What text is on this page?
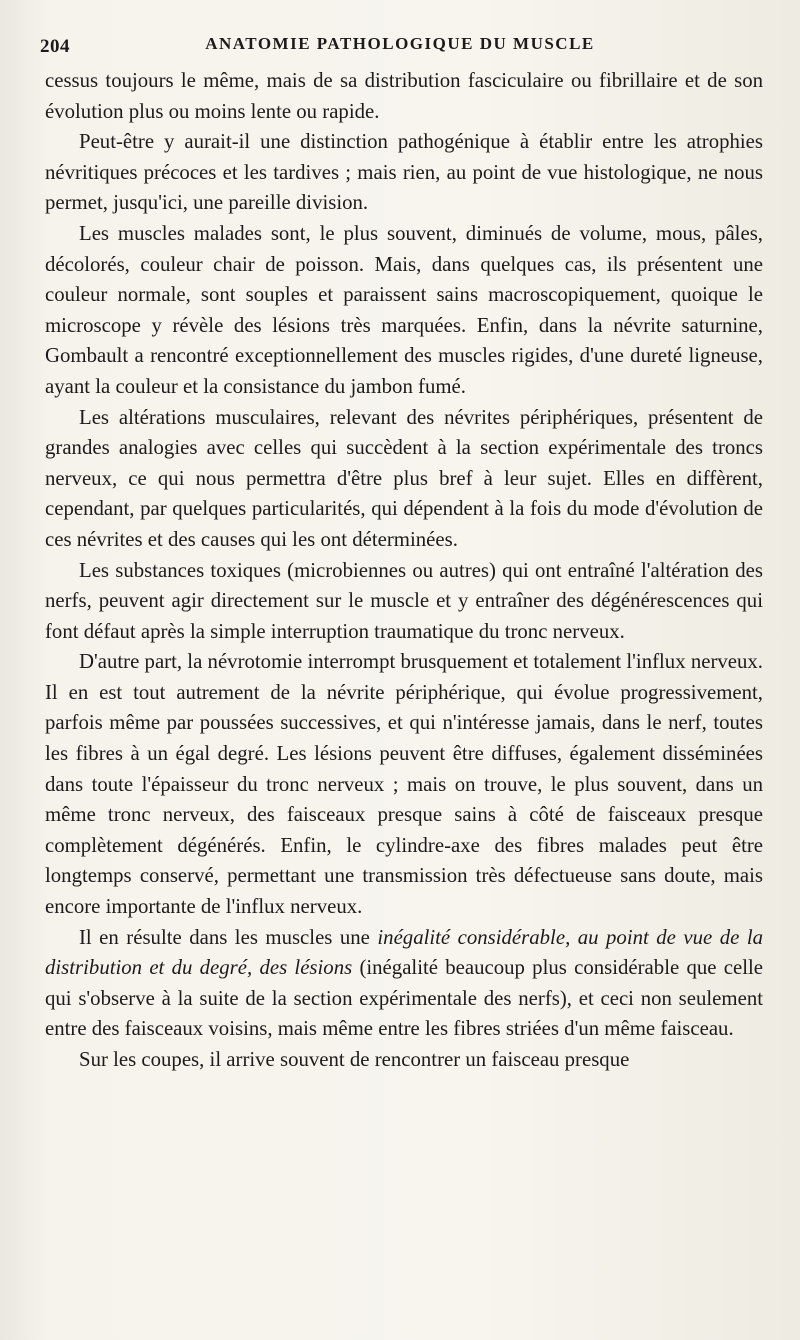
204	ANATOMIE PATHOLOGIQUE DU MUSCLE

cessus toujours le même, mais de sa distribution fasciculaire ou fibrillaire et de son évolution plus ou moins lente ou rapide.

Peut-être y aurait-il une distinction pathogénique à établir entre les atrophies névritiques précoces et les tardives ; mais rien, au point de vue histologique, ne nous permet, jusqu'ici, une pareille division.

Les muscles malades sont, le plus souvent, diminués de volume, mous, pâles, décolorés, couleur chair de poisson. Mais, dans quelques cas, ils présentent une couleur normale, sont souples et paraissent sains macroscopiquement, quoique le microscope y révèle des lésions très marquées. Enfin, dans la névrite saturnine, Gombault a rencontré exceptionnellement des muscles rigides, d'une dureté ligneuse, ayant la couleur et la consistance du jambon fumé.

Les altérations musculaires, relevant des névrites périphériques, présentent de grandes analogies avec celles qui succèdent à la section expérimentale des troncs nerveux, ce qui nous permettra d'être plus bref à leur sujet. Elles en diffèrent, cependant, par quelques particularités, qui dépendent à la fois du mode d'évolution de ces névrites et des causes qui les ont déterminées.

Les substances toxiques (microbiennes ou autres) qui ont entraîné l'altération des nerfs, peuvent agir directement sur le muscle et y entraîner des dégénérescences qui font défaut après la simple interruption traumatique du tronc nerveux.

D'autre part, la névrotomie interrompt brusquement et totalement l'influx nerveux. Il en est tout autrement de la névrite périphérique, qui évolue progressivement, parfois même par poussées successives, et qui n'intéresse jamais, dans le nerf, toutes les fibres à un égal degré. Les lésions peuvent être diffuses, également disséminées dans toute l'épaisseur du tronc nerveux ; mais on trouve, le plus souvent, dans un même tronc nerveux, des faisceaux presque sains à côté de faisceaux presque complètement dégénérés. Enfin, le cylindre-axe des fibres malades peut être longtemps conservé, permettant une transmission très défectueuse sans doute, mais encore importante de l'influx nerveux.

Il en résulte dans les muscles une inégalité considérable, au point de vue de la distribution et du degré, des lésions (inégalité beaucoup plus considérable que celle qui s'observe à la suite de la section expérimentale des nerfs), et ceci non seulement entre des faisceaux voisins, mais même entre les fibres striées d'un même faisceau.

Sur les coupes, il arrive souvent de rencontrer un faisceau presque
